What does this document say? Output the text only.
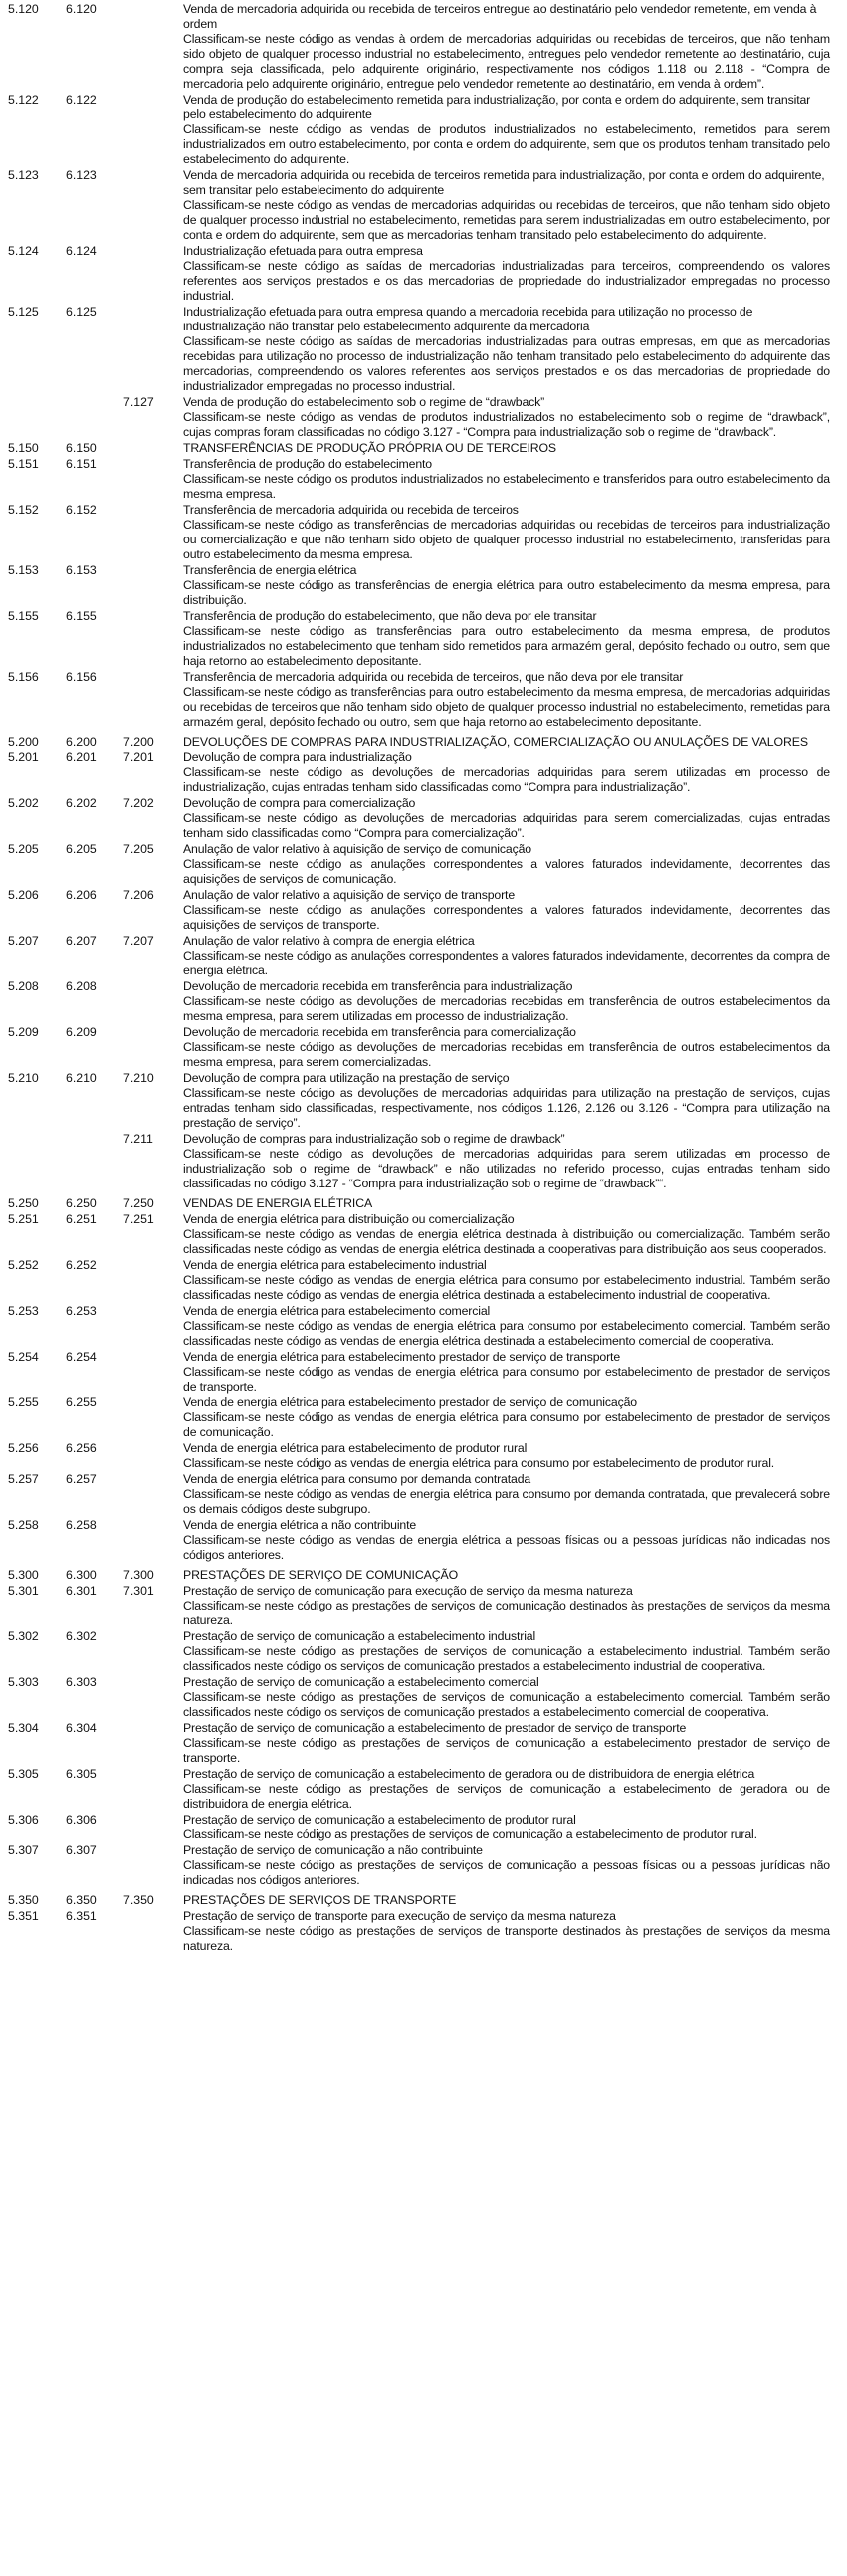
5.120	6.120	Venda de mercadoria adquirida ou recebida de terceiros entregue ao destinatário pelo vendedor remetente, em venda à ordem
Classificam-se neste código as vendas à ordem de mercadorias adquiridas ou recebidas de terceiros, que não tenham sido objeto de qualquer processo industrial no estabelecimento, entregues pelo vendedor remetente ao destinatário, cuja compra seja classificada, pelo adquirente originário, respectivamente nos códigos 1.118 ou 2.118 - “Compra de mercadoria pelo adquirente originário, entregue pelo vendedor remetente ao destinatário, em venda à ordem”.
5.122	6.122	Venda de produção do estabelecimento remetida para industrialização, por conta e ordem do adquirente, sem transitar pelo estabelecimento do adquirente
Classificam-se neste código as vendas de produtos industrializados no estabelecimento, remetidos para serem industrializados em outro estabelecimento, por conta e ordem do adquirente, sem que os produtos tenham transitado pelo estabelecimento do adquirente.
5.123	6.123	Venda de mercadoria adquirida ou recebida de terceiros remetida para industrialização, por conta e ordem do adquirente, sem transitar pelo estabelecimento do adquirente
Classificam-se neste código as vendas de mercadorias adquiridas ou recebidas de terceiros, que não tenham sido objeto de qualquer processo industrial no estabelecimento, remetidas para serem industrializadas em outro estabelecimento, por conta e ordem do adquirente, sem que as mercadorias tenham transitado pelo estabelecimento do adquirente.
5.124	6.124	Industrialização efetuada para outra empresa
Classificam-se neste código as saídas de mercadorias industrializadas para terceiros, compreendendo os valores referentes aos serviços prestados e os das mercadorias de propriedade do industrializador empregadas no processo industrial.
5.125	6.125	Industrialização efetuada para outra empresa quando a mercadoria recebida para utilização no processo de industrialização não transitar pelo estabelecimento adquirente da mercadoria
Classificam-se neste código as saídas de mercadorias industrializadas para outras empresas, em que as mercadorias recebidas para utilização no processo de industrialização não tenham transitado pelo estabelecimento do adquirente das mercadorias, compreendendo os valores referentes aos serviços prestados e os das mercadorias de propriedade do industrializador empregadas no processo industrial.
7.127	Venda de produção do estabelecimento sob o regime de “drawback”
Classificam-se neste código as vendas de produtos industrializados no estabelecimento sob o regime de “drawback”, cujas compras foram classificadas no código 3.127 - “Compra para industrialização sob o regime de “drawback”.
5.150	6.150	TRANSFERÊNCIAS DE PRODUÇÃO PRÓPRIA OU DE TERCEIROS
5.151	6.151	Transferência de produção do estabelecimento
Classificam-se neste código os produtos industrializados no estabelecimento e transferidos para outro estabelecimento da mesma empresa.
5.152	6.152	Transferência de mercadoria adquirida ou recebida de terceiros
Classificam-se neste código as transferências de mercadorias adquiridas ou recebidas de terceiros para industrialização ou comercialização e que não tenham sido objeto de qualquer processo industrial no estabelecimento, transferidas para outro estabelecimento da mesma empresa.
5.153	6.153	Transferência de energia elétrica
Classificam-se neste código as transferências de energia elétrica para outro estabelecimento da mesma empresa, para distribuição.
5.155	6.155	Transferência de produção do estabelecimento, que não deva por ele transitar
Classificam-se neste código as transferências para outro estabelecimento da mesma empresa, de produtos industrializados no estabelecimento que tenham sido remetidos para armazém geral, depósito fechado ou outro, sem que haja retorno ao estabelecimento depositante.
5.156	6.156	Transferência de mercadoria adquirida ou recebida de terceiros, que não deva por ele transitar
Classificam-se neste código as transferências para outro estabelecimento da mesma empresa, de mercadorias adquiridas ou recebidas de terceiros que não tenham sido objeto de qualquer processo industrial no estabelecimento, remetidas para armazém geral, depósito fechado ou outro, sem que haja retorno ao estabelecimento depositante.
5.200	6.200	7.200	DEVOLUÇÕES DE COMPRAS PARA INDUSTRIALIZAÇÃO, COMERCIALIZAÇÃO OU ANULAÇÕES DE VALORES
5.201	6.201	7.201	Devolução de compra para industrialização
Classificam-se neste código as devoluções de mercadorias adquiridas para serem utilizadas em processo de industrialização, cujas entradas tenham sido classificadas como “Compra para industrialização”.
5.202	6.202	7.202	Devolução de compra para comercialização
Classificam-se neste código as devoluções de mercadorias adquiridas para serem comercializadas, cujas entradas tenham sido classificadas como “Compra para comercialização”.
5.205	6.205	7.205	Anulação de valor relativo à aquisição de serviço de comunicação
Classificam-se neste código as anulações correspondentes a valores faturados indevidamente, decorrentes das aquisições de serviços de comunicação.
5.206	6.206	7.206	Anulação de valor relativo a aquisição de serviço de transporte
Classificam-se neste código as anulações correspondentes a valores faturados indevidamente, decorrentes das aquisições de serviços de transporte.
5.207	6.207	7.207	Anulação de valor relativo à compra de energia elétrica
Classificam-se neste código as anulações correspondentes a valores faturados indevidamente, decorrentes da compra de energia elétrica.
5.208	6.208	Devolução de mercadoria recebida em transferência para industrialização
Classificam-se neste código as devoluções de mercadorias recebidas em transferência de outros estabelecimentos da mesma empresa, para serem utilizadas em processo de industrialização.
5.209	6.209	Devolução de mercadoria recebida em transferência para comercialização
Classificam-se neste código as devoluções de mercadorias recebidas em transferência de outros estabelecimentos da mesma empresa, para serem comercializadas.
5.210	6.210	7.210	Devolução de compra para utilização na prestação de serviço
Classificam-se neste código as devoluções de mercadorias adquiridas para utilização na prestação de serviços, cujas entradas tenham sido classificadas, respectivamente, nos códigos 1.126, 2.126 ou 3.126 - “Compra para utilização na prestação de serviço”.
7.211	Devolução de compras para industrialização sob o regime de drawback”
Classificam-se neste código as devoluções de mercadorias adquiridas para serem utilizadas em processo de industrialização sob o regime de “drawback” e não utilizadas no referido processo, cujas entradas tenham sido classificadas no código 3.127 - “Compra para industrialização sob o regime de “drawback”“.
5.250	6.250	7.250	VENDAS DE ENERGIA ELÉTRICA
5.251	6.251	7.251	Venda de energia elétrica para distribuição ou comercialização
Classificam-se neste código as vendas de energia elétrica destinada à distribuição ou comercialização. Também serão classificadas neste código as vendas de energia elétrica destinada a cooperativas para distribuição aos seus cooperados.
5.252	6.252	Venda de energia elétrica para estabelecimento industrial
Classificam-se neste código as vendas de energia elétrica para consumo por estabelecimento industrial. Também serão classificadas neste código as vendas de energia elétrica destinada a estabelecimento industrial de cooperativa.
5.253	6.253	Venda de energia elétrica para estabelecimento comercial
Classificam-se neste código as vendas de energia elétrica para consumo por estabelecimento comercial. Também serão classificadas neste código as vendas de energia elétrica destinada a estabelecimento comercial de cooperativa.
5.254	6.254	Venda de energia elétrica para estabelecimento prestador de serviço de transporte
Classificam-se neste código as vendas de energia elétrica para consumo por estabelecimento de prestador de serviços de transporte.
5.255	6.255	Venda de energia elétrica para estabelecimento prestador de serviço de comunicação
Classificam-se neste código as vendas de energia elétrica para consumo por estabelecimento de prestador de serviços de comunicação.
5.256	6.256	Venda de energia elétrica para estabelecimento de produtor rural
Classificam-se neste código as vendas de energia elétrica para consumo por estabelecimento de produtor rural.
5.257	6.257	Venda de energia elétrica para consumo por demanda contratada
Classificam-se neste código as vendas de energia elétrica para consumo por demanda contratada, que prevalecerá sobre os demais códigos deste subgrupo.
5.258	6.258	Venda de energia elétrica a não contribuinte
Classificam-se neste código as vendas de energia elétrica a pessoas físicas ou a pessoas jurídicas não indicadas nos códigos anteriores.
5.300	6.300	7.300	PRESTAÇÕES DE SERVIÇO DE COMUNICAÇÃO
5.301	6.301	7.301	Prestação de serviço de comunicação para execução de serviço da mesma natureza
Classificam-se neste código as prestações de serviços de comunicação destinados às prestações de serviços da mesma natureza.
5.302	6.302	Prestação de serviço de comunicação a estabelecimento industrial
Classificam-se neste código as prestações de serviços de comunicação a estabelecimento industrial. Também serão classificados neste código os serviços de comunicação prestados a estabelecimento industrial de cooperativa.
5.303	6.303	Prestação de serviço de comunicação a estabelecimento comercial
Classificam-se neste código as prestações de serviços de comunicação a estabelecimento comercial. Também serão classificados neste código os serviços de comunicação prestados a estabelecimento comercial de cooperativa.
5.304	6.304	Prestação de serviço de comunicação a estabelecimento de prestador de serviço de transporte
Classificam-se neste código as prestações de serviços de comunicação a estabelecimento prestador de serviço de transporte.
5.305	6.305	Prestação de serviço de comunicação a estabelecimento de geradora ou de distribuidora de energia elétrica
Classificam-se neste código as prestações de serviços de comunicação a estabelecimento de geradora ou de distribuidora de energia elétrica.
5.306	6.306	Prestação de serviço de comunicação a estabelecimento de produtor rural
Classificam-se neste código as prestações de serviços de comunicação a estabelecimento de produtor rural.
5.307	6.307	Prestação de serviço de comunicação a não contribuinte
Classificam-se neste código as prestações de serviços de comunicação a pessoas físicas ou a pessoas jurídicas não indicadas nos códigos anteriores.
5.350	6.350	7.350	PRESTAÇÕES DE SERVIÇOS DE TRANSPORTE
5.351	6.351	Prestação de serviço de transporte para execução de serviço da mesma natureza
Classificam-se neste código as prestações de serviços de transporte destinados às prestações de serviços da mesma natureza.
